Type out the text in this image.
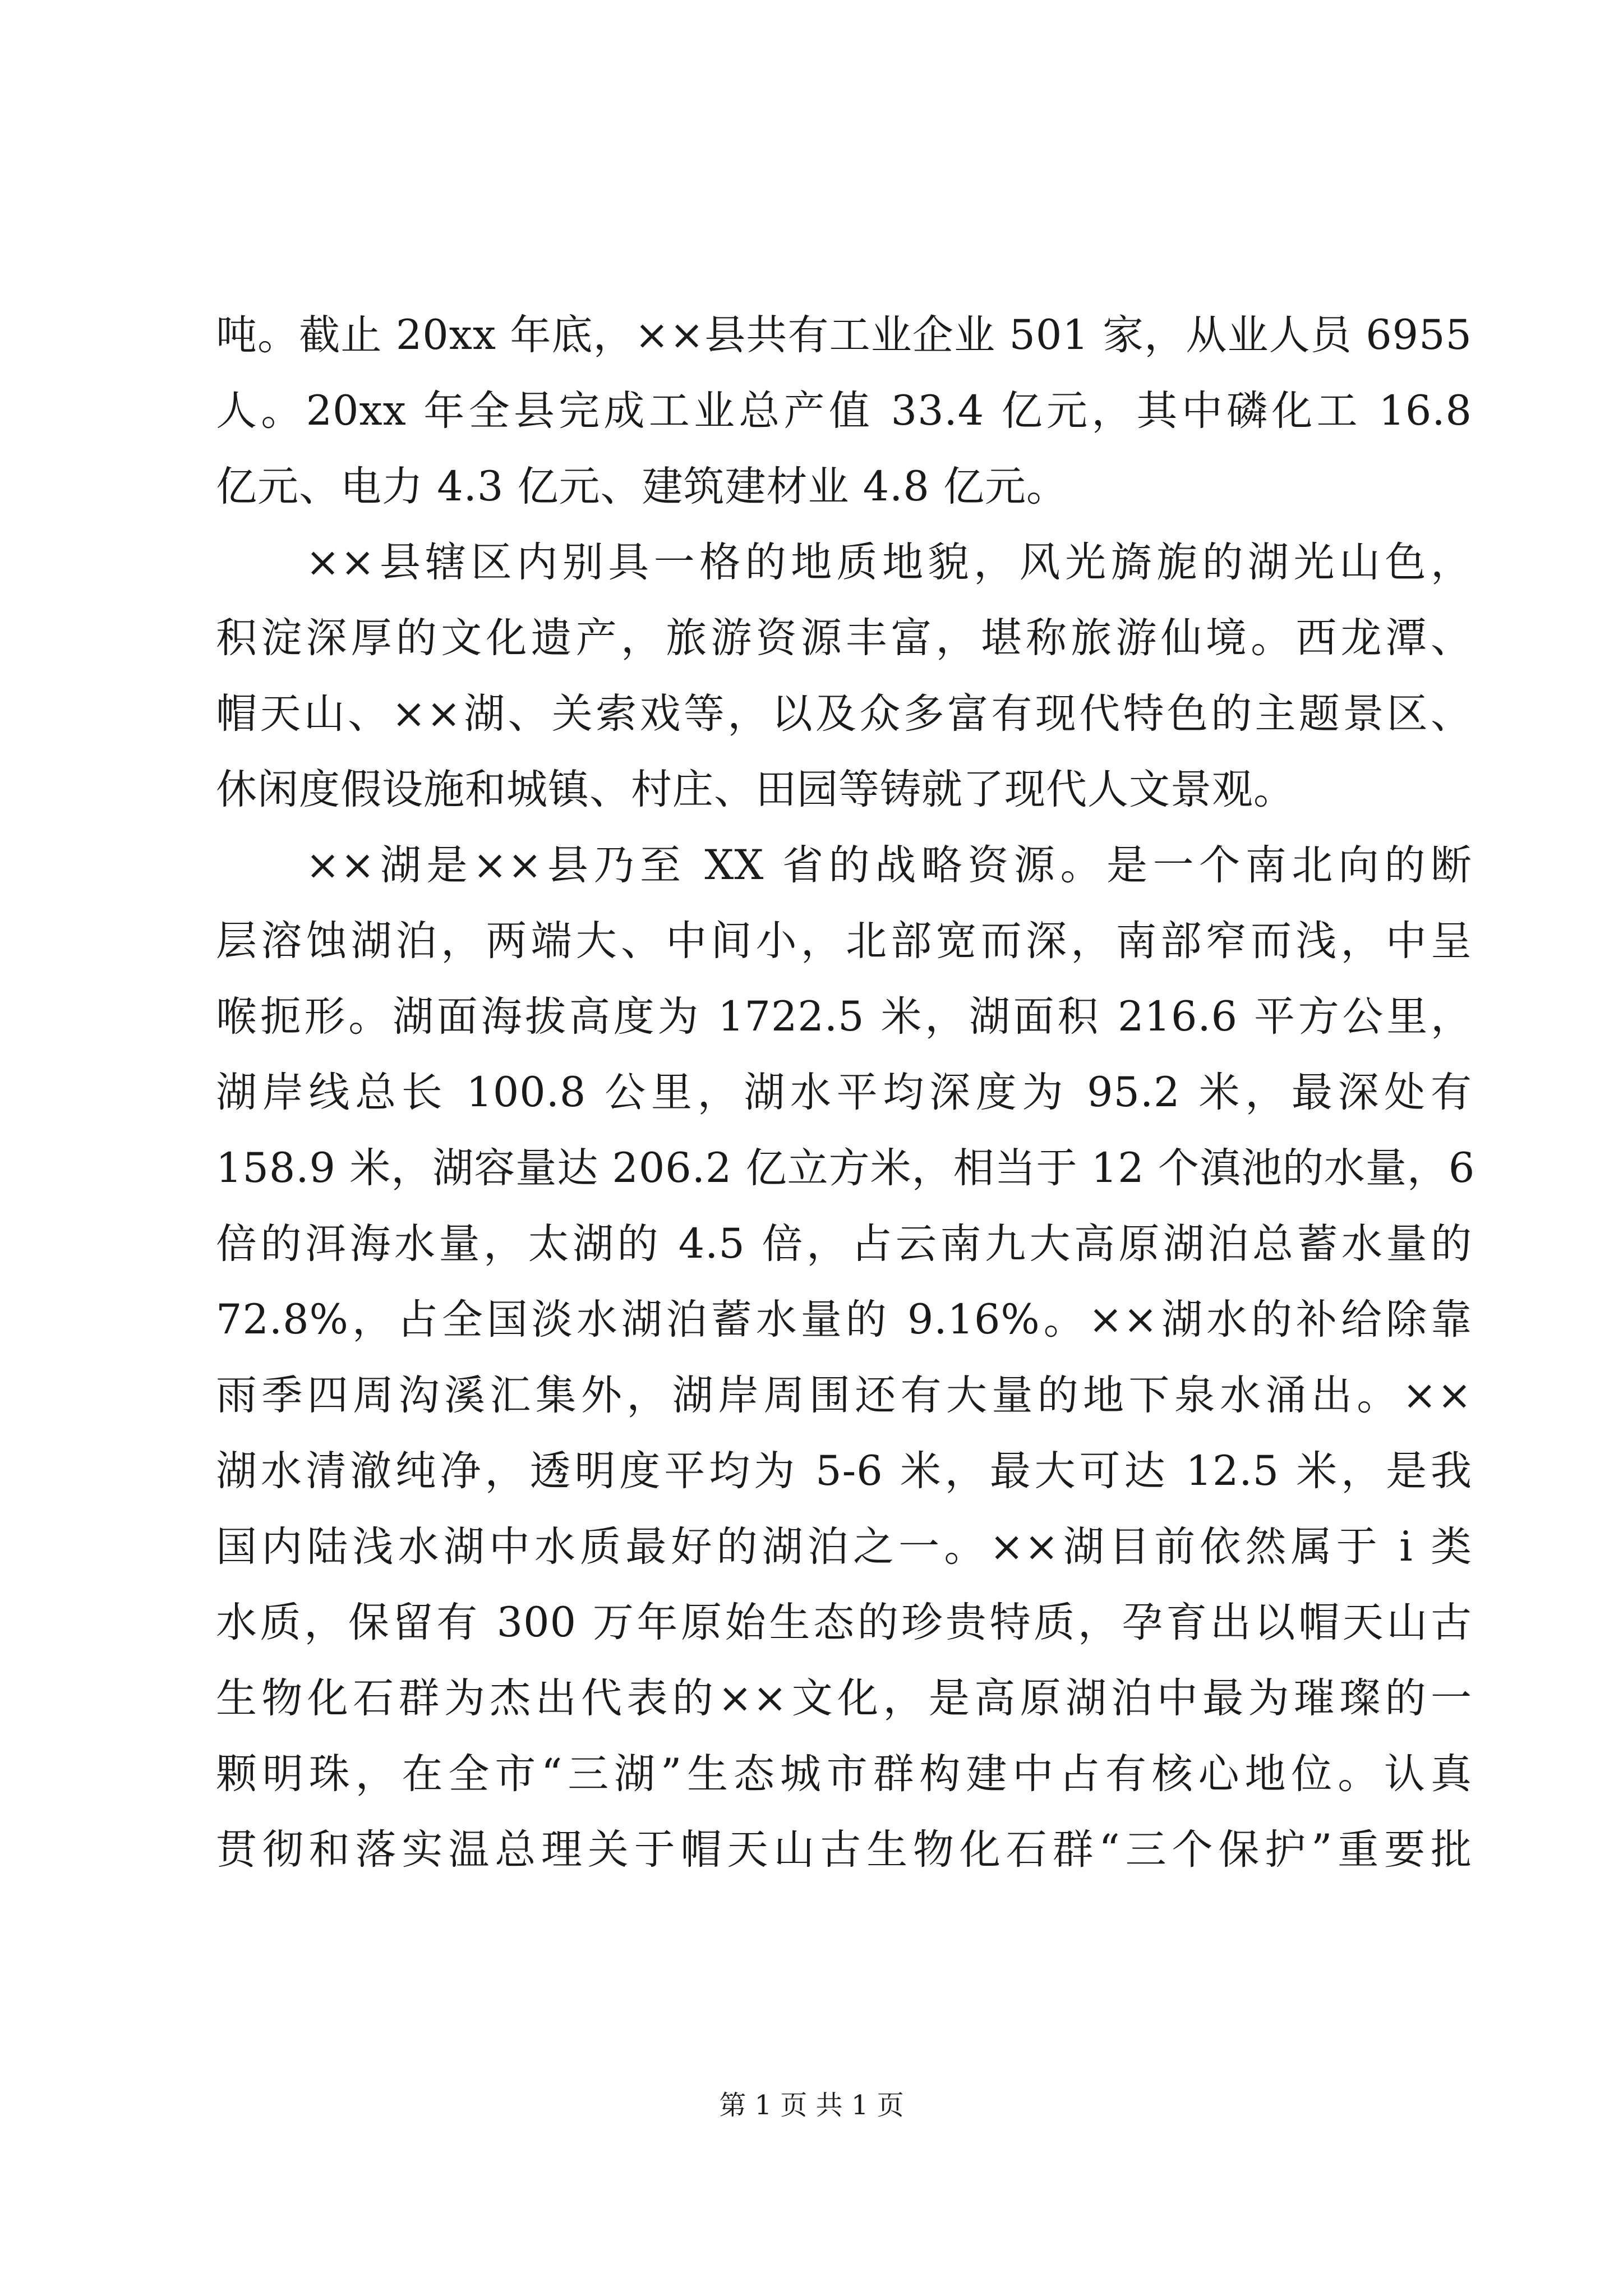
吨。截止 20xx 年底，××县共有工业企业 501 家，从业人员 6955

人。20xx 年全县完成工业总产值 33.4 亿元，其中磷化工 16.8

亿元、电力 4.3 亿元、建筑建材业 4.8 亿元。

××县辖区内别具一格的地质地貌，风光旖旎的湖光山色，

积淀深厚的文化遗产，旅游资源丰富，堪称旅游仙境。西龙潭、

帽天山、××湖、关索戏等，以及众多富有现代特色的主题景区、

休闲度假设施和城镇、村庄、田园等铸就了现代人文景观。

××湖是××县乃至 XX 省的战略资源。是一个南北向的断

层溶蚀湖泊，两端大、中间小，北部宽而深，南部窄而浅，中呈

喉扼形。湖面海拔高度为 1722.5 米，湖面积 216.6 平方公里，

湖岸线总长 100.8 公里，湖水平均深度为 95.2 米，最深处有

158.9 米，湖容量达 206.2 亿立方米，相当于 12 个滇池的水量，6

倍的洱海水量，太湖的 4.5 倍，占云南九大高原湖泊总蓄水量的

72.8%，占全国淡水湖泊蓄水量的 9.16%。××湖水的补给除靠

雨季四周沟溪汇集外，湖岸周围还有大量的地下泉水涌出。××

湖水清澈纯净，透明度平均为 5-6 米，最大可达 12.5 米，是我

国内陆浅水湖中水质最好的湖泊之一。××湖目前依然属于 i 类

水质，保留有 300 万年原始生态的珍贵特质，孕育出以帽天山古

生物化石群为杰出代表的××文化，是高原湖泊中最为璀璨的一

颗明珠，在全市“三湖”生态城市群构建中占有核心地位。认真

贯彻和落实温总理关于帽天山古生物化石群“三个保护”重要批

第 1 页 共 1 页
